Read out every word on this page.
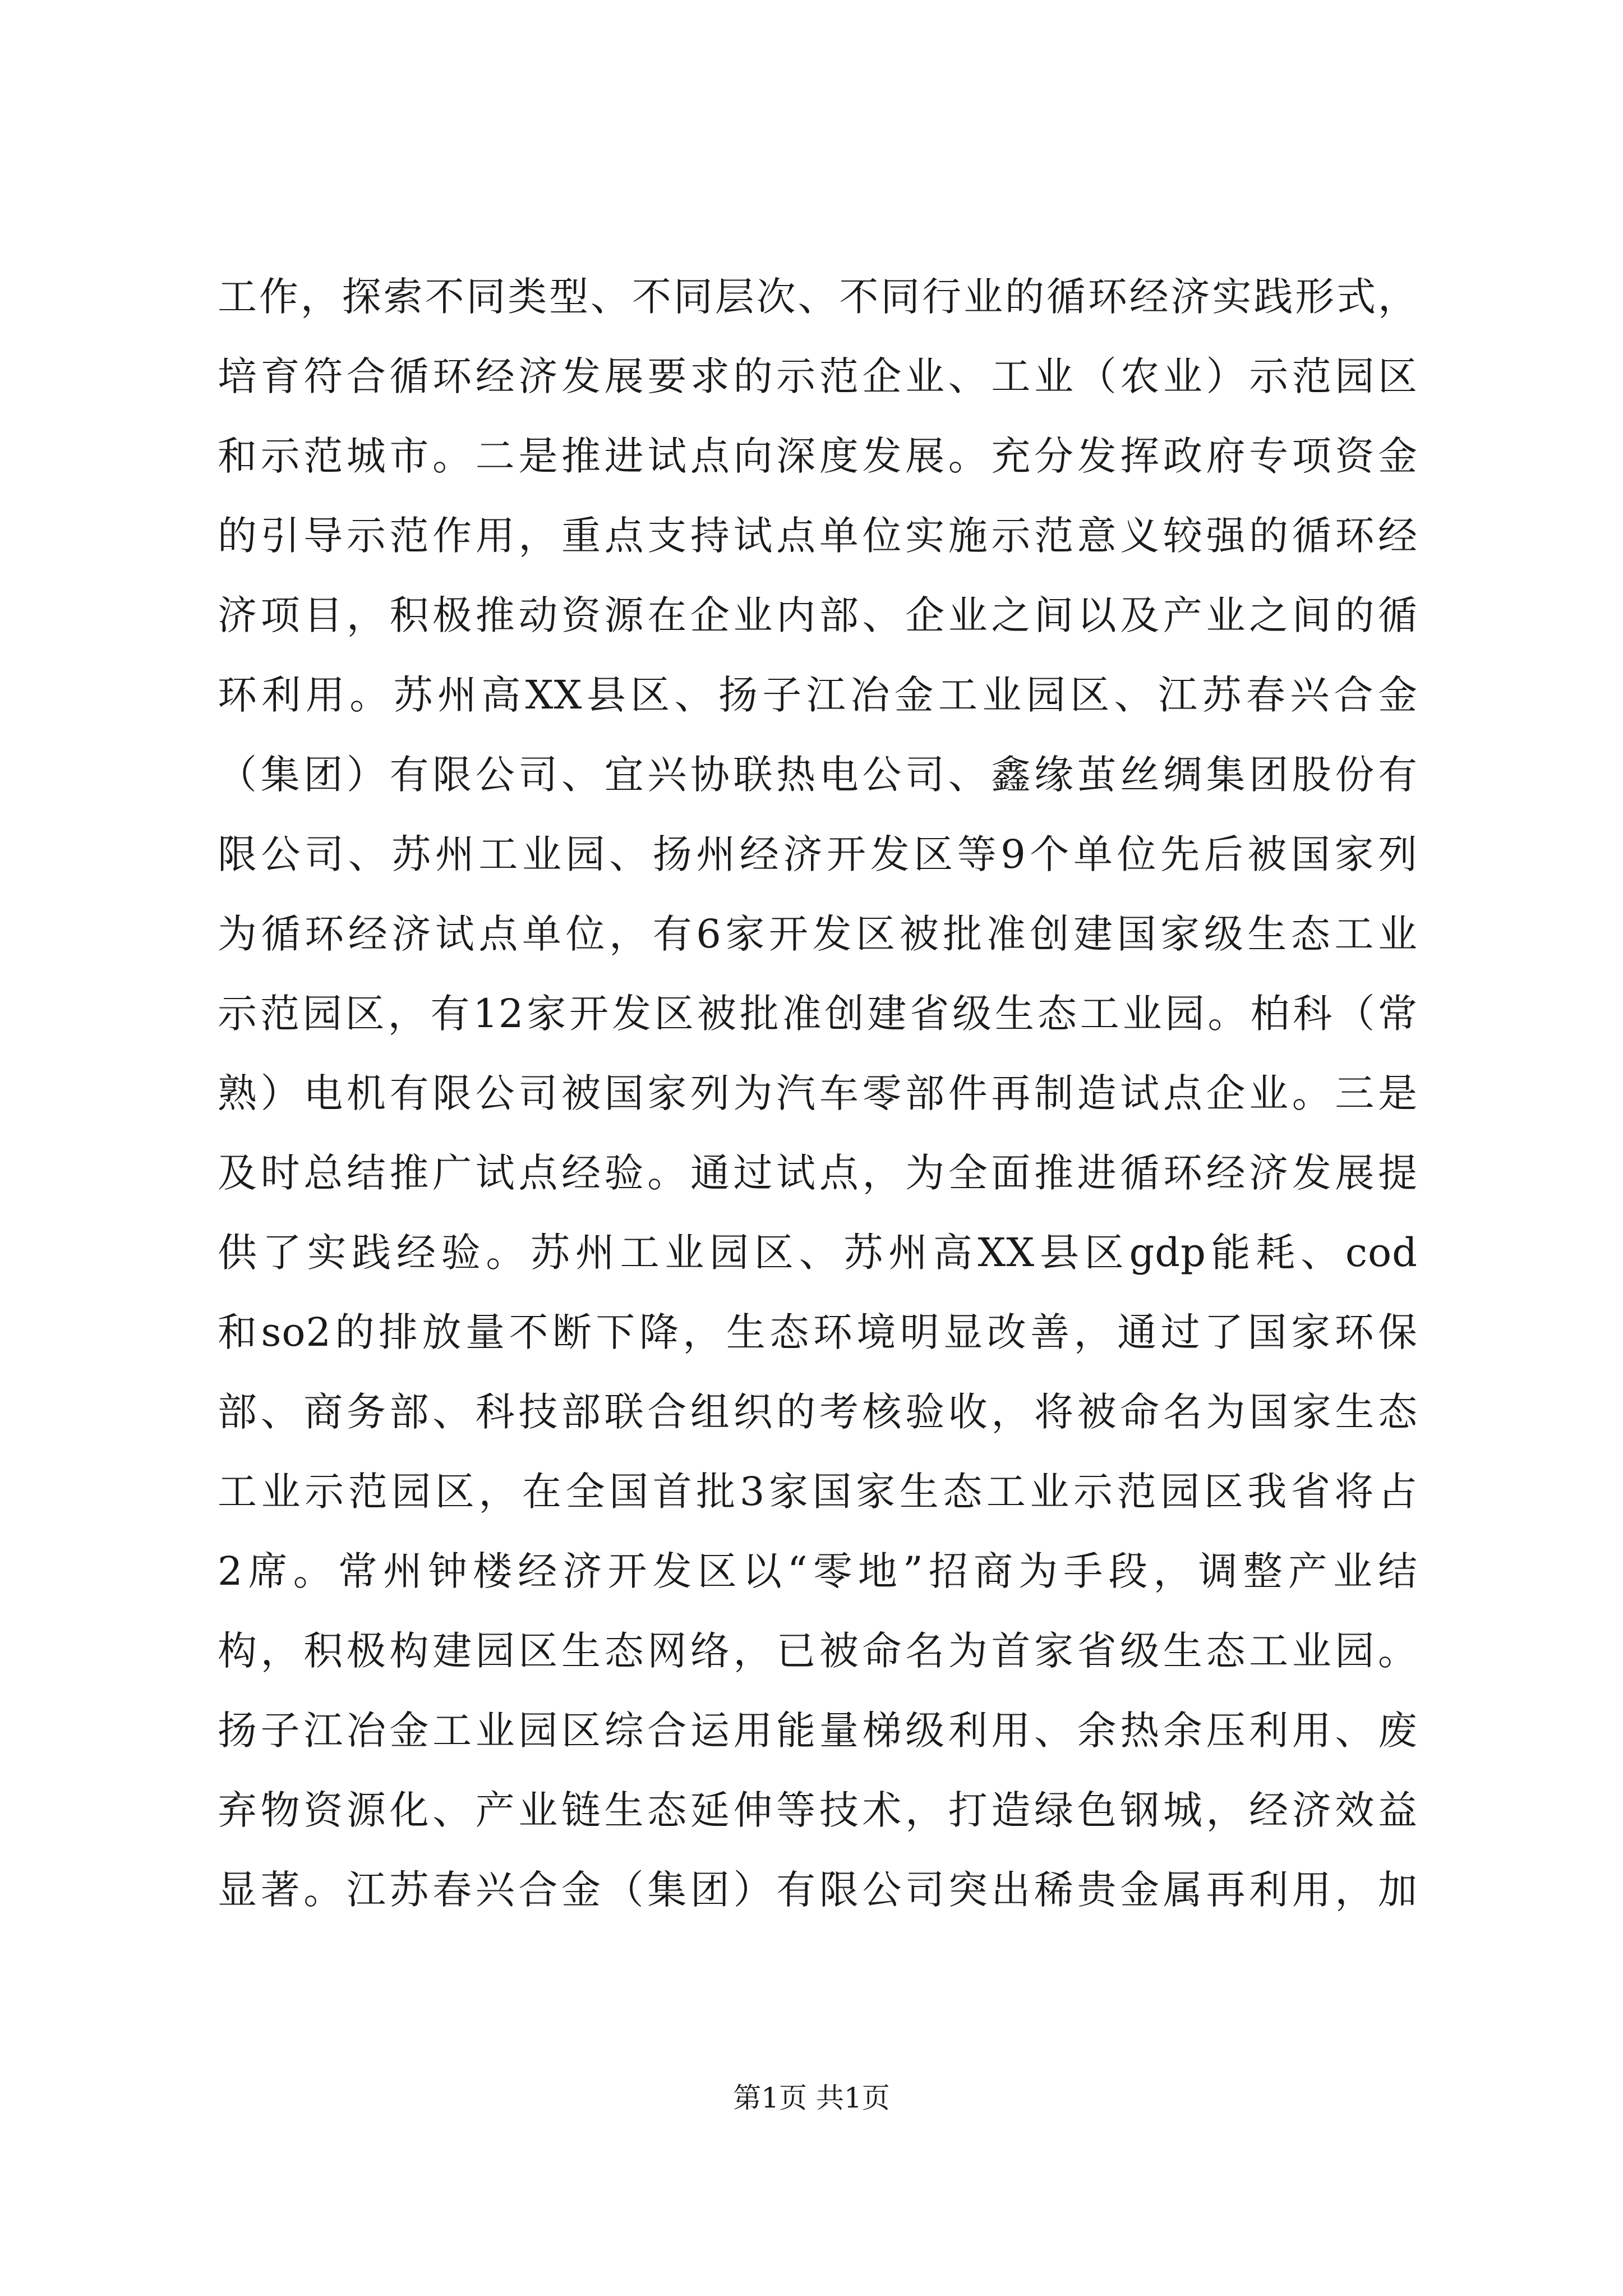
工作，探索不同类型、不同层次、不同行业的循环经济实践形式，
培育符合循环经济发展要求的示范企业、工业（农业）示范园区
和示范城市。二是推进试点向深度发展。充分发挥政府专项资金
的引导示范作用，重点支持试点单位实施示范意义较强的循环经
济项目，积极推动资源在企业内部、企业之间以及产业之间的循
环利用。苏州高XX县区、扬子江冶金工业园区、江苏春兴合金
（集团）有限公司、宜兴协联热电公司、鑫缘茧丝绸集团股份有
限公司、苏州工业园、扬州经济开发区等9个单位先后被国家列
为循环经济试点单位，有6家开发区被批准创建国家级生态工业
示范园区，有12家开发区被批准创建省级生态工业园。柏科（常
熟）电机有限公司被国家列为汽车零部件再制造试点企业。三是
及时总结推广试点经验。通过试点，为全面推进循环经济发展提
供了实践经验。苏州工业园区、苏州高XX县区gdp能耗、cod
和so2的排放量不断下降，生态环境明显改善，通过了国家环保
部、商务部、科技部联合组织的考核验收，将被命名为国家生态
工业示范园区，在全国首批3家国家生态工业示范园区我省将占
2席。常州钟楼经济开发区以“零地”招商为手段，调整产业结
构，积极构建园区生态网络，已被命名为首家省级生态工业园。
扬子江冶金工业园区综合运用能量梯级利用、余热余压利用、废
弃物资源化、产业链生态延伸等技术，打造绿色钢城，经济效益
显著。江苏春兴合金（集团）有限公司突出稀贵金属再利用，加
第1页 共1页
